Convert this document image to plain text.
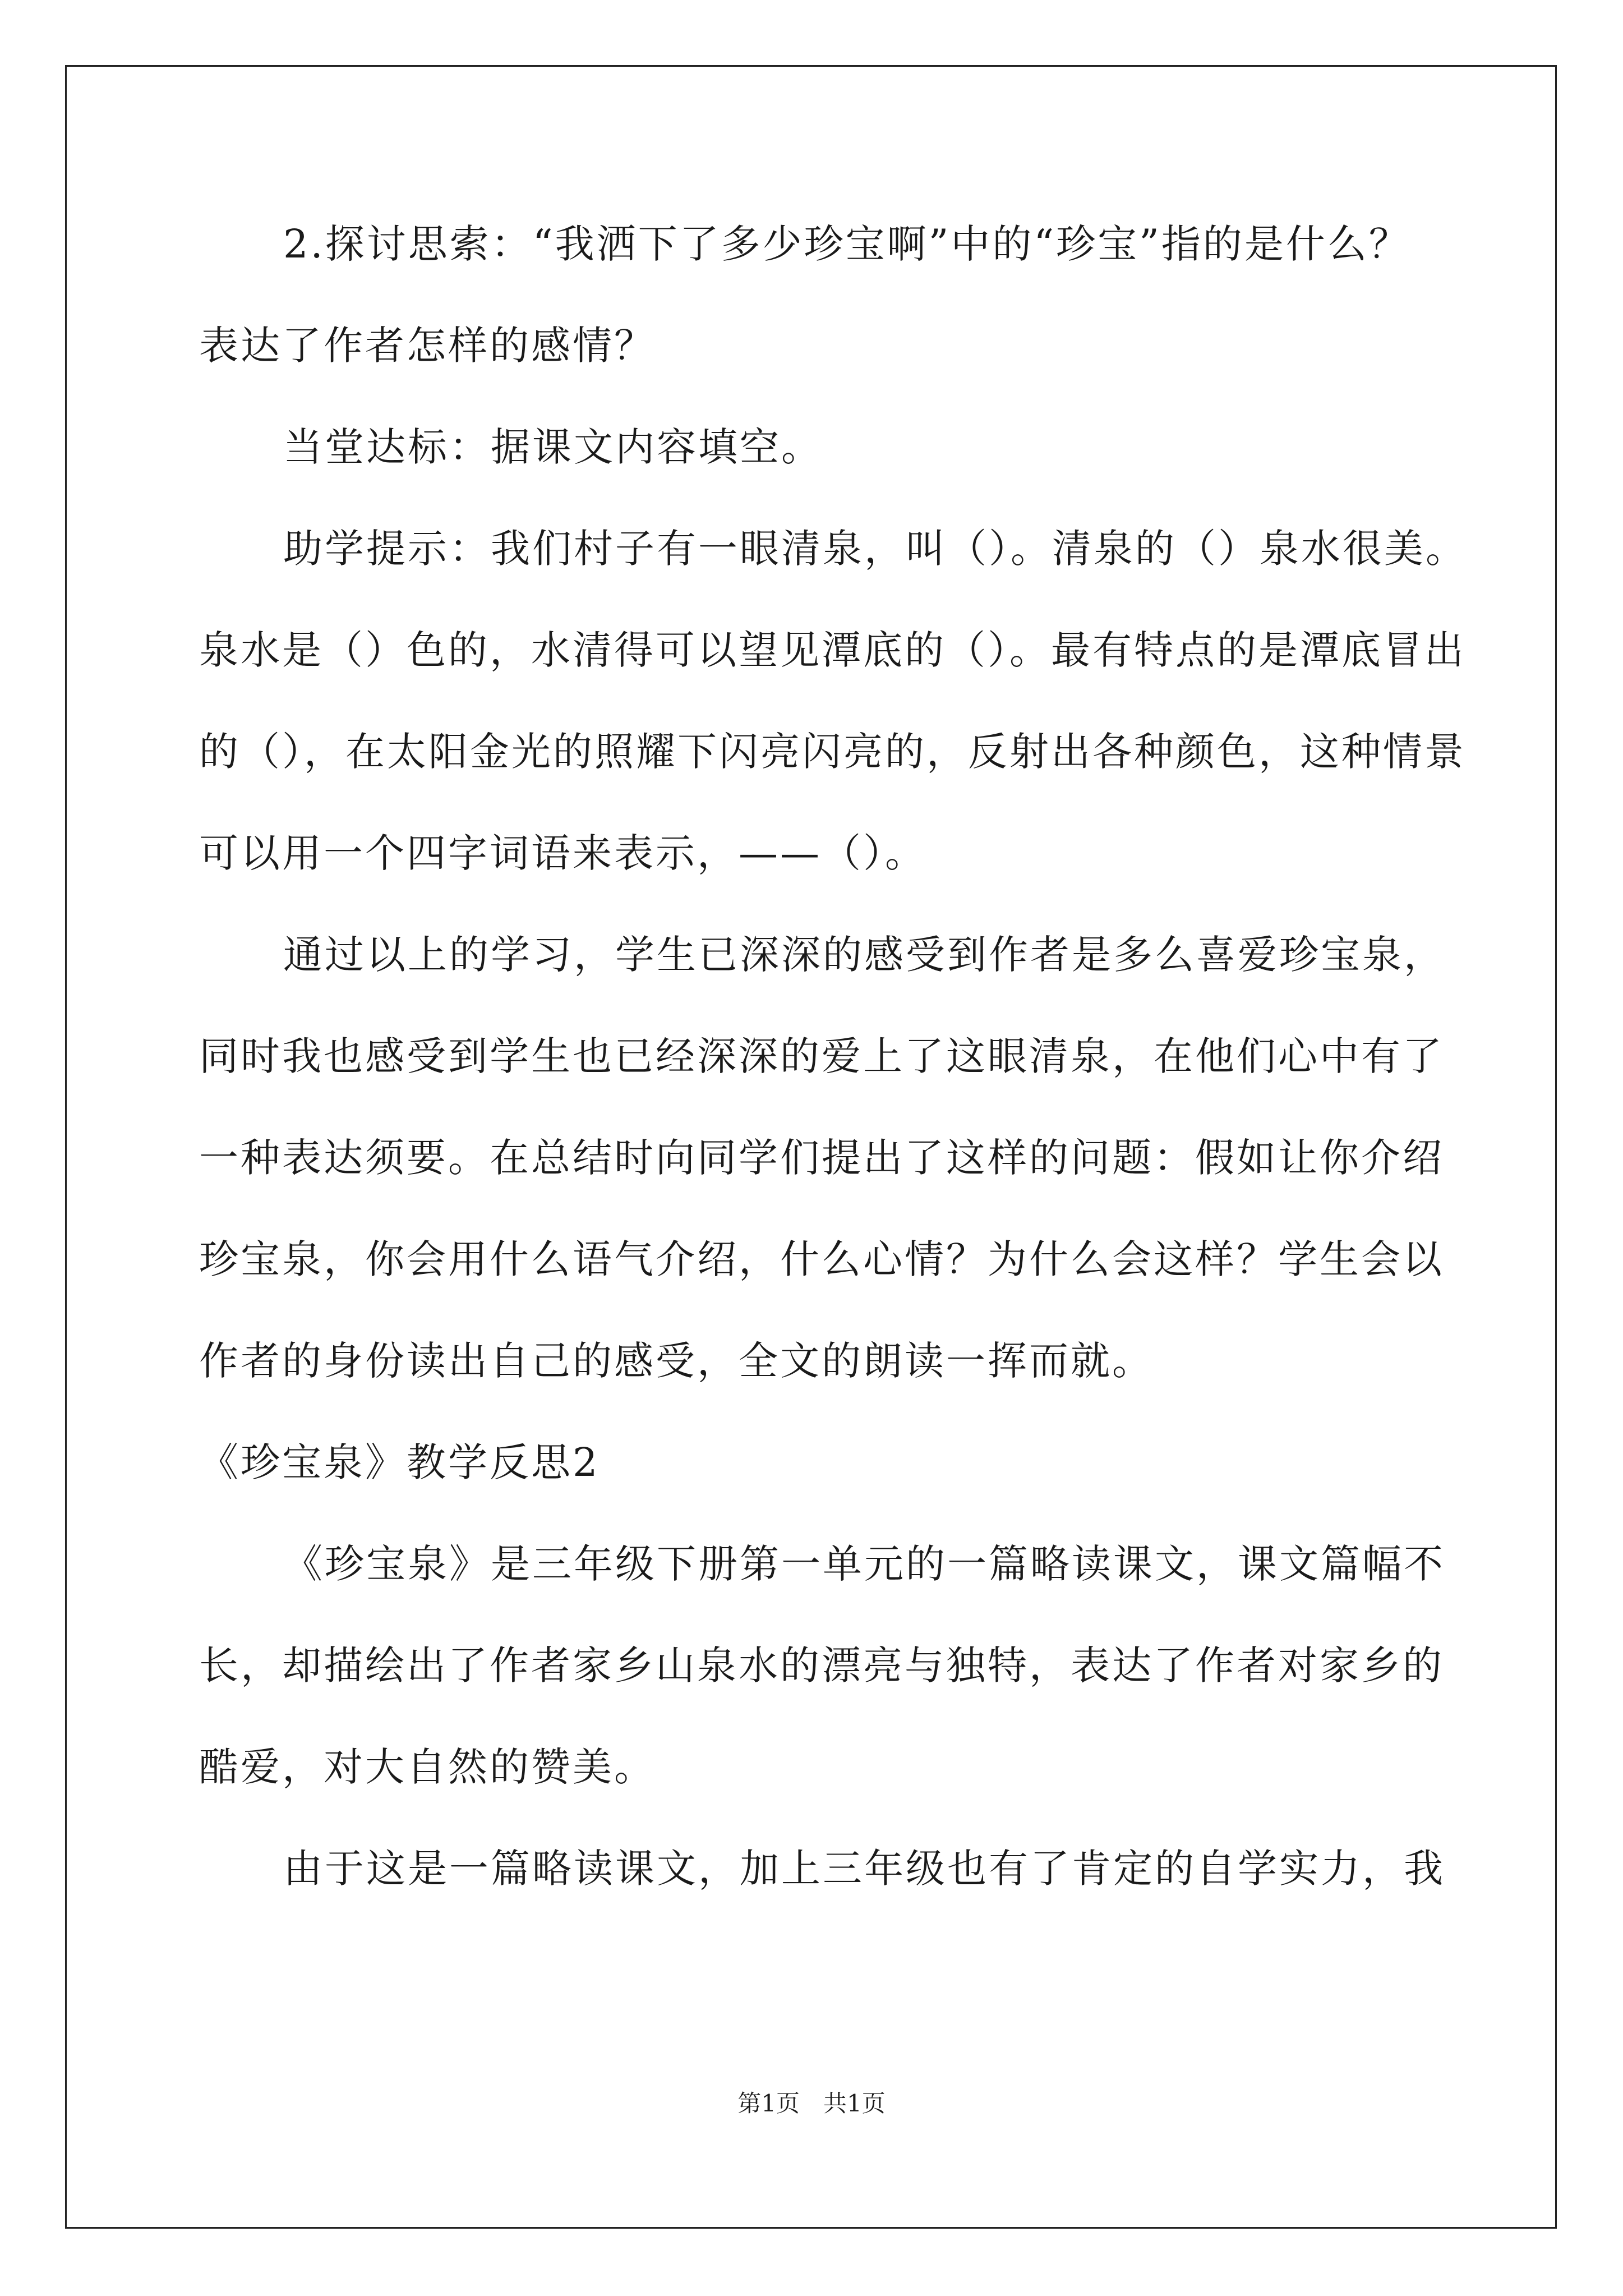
2.探讨思索：“我洒下了多少珍宝啊”中的“珍宝”指的是什么？
表达了作者怎样的感情？
当堂达标：据课文内容填空。
助学提示：我们村子有一眼清泉，叫（）。清泉的（）泉水很美。
泉水是（）色的，水清得可以望见潭底的（）。最有特点的是潭底冒出
的（），在太阳金光的照耀下闪亮闪亮的，反射出各种颜色，这种情景
可以用一个四字词语来表示，——（）。
通过以上的学习，学生已深深的感受到作者是多么喜爱珍宝泉，
同时我也感受到学生也已经深深的爱上了这眼清泉，在他们心中有了
一种表达须要。在总结时向同学们提出了这样的问题：假如让你介绍
珍宝泉，你会用什么语气介绍，什么心情？为什么会这样？学生会以
作者的身份读出自己的感受，全文的朗读一挥而就。
《珍宝泉》教学反思2
《珍宝泉》是三年级下册第一单元的一篇略读课文，课文篇幅不
长，却描绘出了作者家乡山泉水的漂亮与独特，表达了作者对家乡的
酷爱，对大自然的赞美。
由于这是一篇略读课文，加上三年级也有了肯定的自学实力，我
第1页　共1页
